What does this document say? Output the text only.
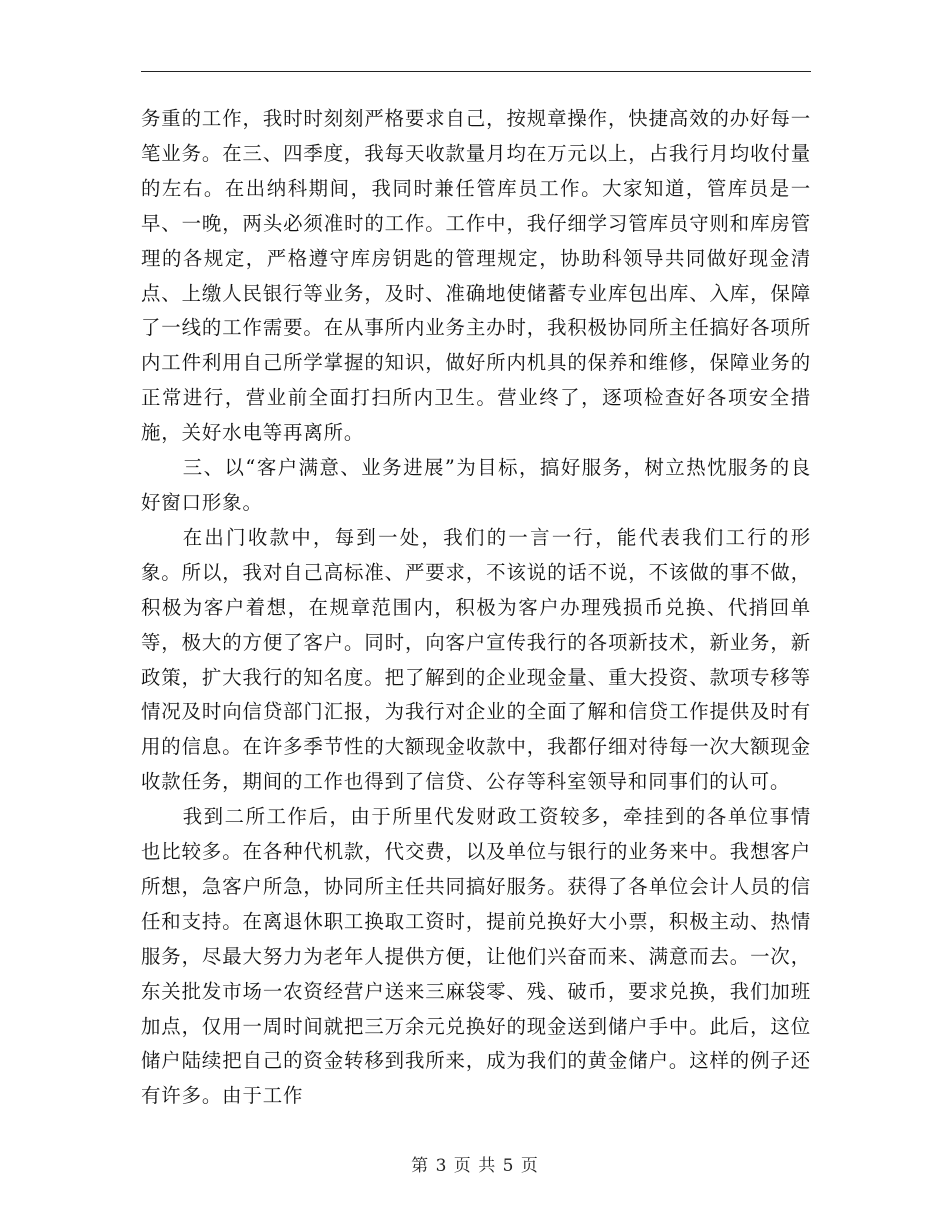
务重的工作，我时时刻刻严格要求自己，按规章操作，快捷高效的办好每一笔业务。在三、四季度，我每天收款量月均在万元以上，占我行月均收付量的左右。在出纳科期间，我同时兼任管库员工作。大家知道，管库员是一早、一晚，两头必须准时的工作。工作中，我仔细学习管库员守则和库房管理的各规定，严格遵守库房钥匙的管理规定，协助科领导共同做好现金清点、上缴人民银行等业务，及时、准确地使储蓄专业库包出库、入库，保障了一线的工作需要。在从事所内业务主办时，我积极协同所主任搞好各项所内工件利用自己所学掌握的知识，做好所内机具的保养和维修，保障业务的正常进行，营业前全面打扫所内卫生。营业终了，逐项检查好各项安全措施，关好水电等再离所。

三、以“客户满意、业务进展”为目标，搞好服务，树立热忱服务的良好窗口形象。

在出门收款中，每到一处，我们的一言一行，能代表我们工行的形象。所以，我对自己高标准、严要求，不该说的话不说，不该做的事不做，积极为客户着想，在规章范围内，积极为客户办理残损币兑换、代捎回单等，极大的方便了客户。同时，向客户宣传我行的各项新技术，新业务，新政策，扩大我行的知名度。把了解到的企业现金量、重大投资、款项专移等情况及时向信贷部门汇报，为我行对企业的全面了解和信贷工作提供及时有用的信息。在许多季节性的大额现金收款中，我都仔细对待每一次大额现金收款任务，期间的工作也得到了信贷、公存等科室领导和同事们的认可。

我到二所工作后，由于所里代发财政工资较多，牵挂到的各单位事情也比较多。在各种代机款，代交费，以及单位与银行的业务来中。我想客户所想，急客户所急，协同所主任共同搞好服务。获得了各单位会计人员的信任和支持。在离退休职工换取工资时，提前兑换好大小票，积极主动、热情服务，尽最大努力为老年人提供方便，让他们兴奋而来、满意而去。一次，东关批发市场一农资经营户送来三麻袋零、残、破币，要求兑换，我们加班加点，仅用一周时间就把三万余元兑换好的现金送到储户手中。此后，这位储户陆续把自己的资金转移到我所来，成为我们的黄金储户。这样的例子还有许多。由于工作

第 3 页 共 5 页
